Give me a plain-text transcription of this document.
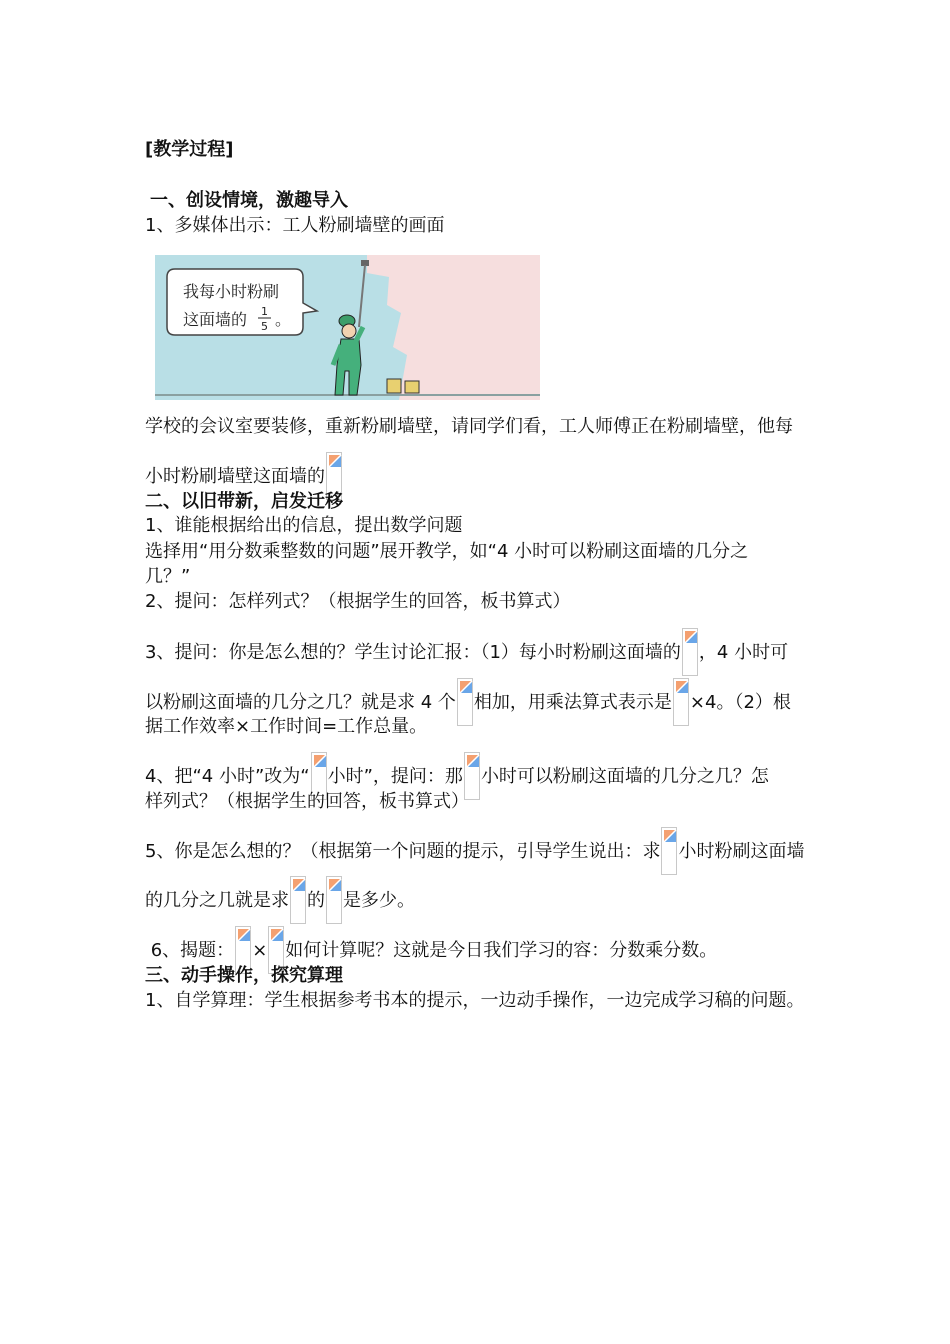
[教学过程]
一、创设情境，激趣导入
1、多媒体出示：工人粉刷墙壁的画面
我每小时粉刷
这面墙的 1
5 。
学校的会议室要装修，重新粉刷墙壁，请同学们看，工人师傅正在粉刷墙壁，他每
小时粉刷墙壁这面墙的
二、以旧带新，启发迁移
1、谁能根据给出的信息，提出数学问题
选择用“用分数乘整数的问题”展开教学，如“4 小时可以粉刷这面墙的几分之
几？”
2、提问：怎样列式？（根据学生的回答，板书算式）
3、提问：你是怎么想的？学生讨论汇报：（1）每小时粉刷这面墙的 ，4 小时可
以粉刷这面墙的几分之几？就是求 4 个 相加，用乘法算式表示是 ×4。（2）根
据工作效率×工作时间=工作总量。
4、把“4 小时”改为“ 小时”，提问：那 小时可以粉刷这面墙的几分之几？怎
样列式？（根据学生的回答，板书算式）
5、你是怎么想的？（根据第一个问题的提示，引导学生说出：求 小时粉刷这面墙
的几分之几就是求 的 是多少。
6、揭题： × 如何计算呢？这就是今日我们学习的容：分数乘分数。
三、动手操作，探究算理
1、自学算理：学生根据参考书本的提示，一边动手操作，一边完成学习稿的问题。
